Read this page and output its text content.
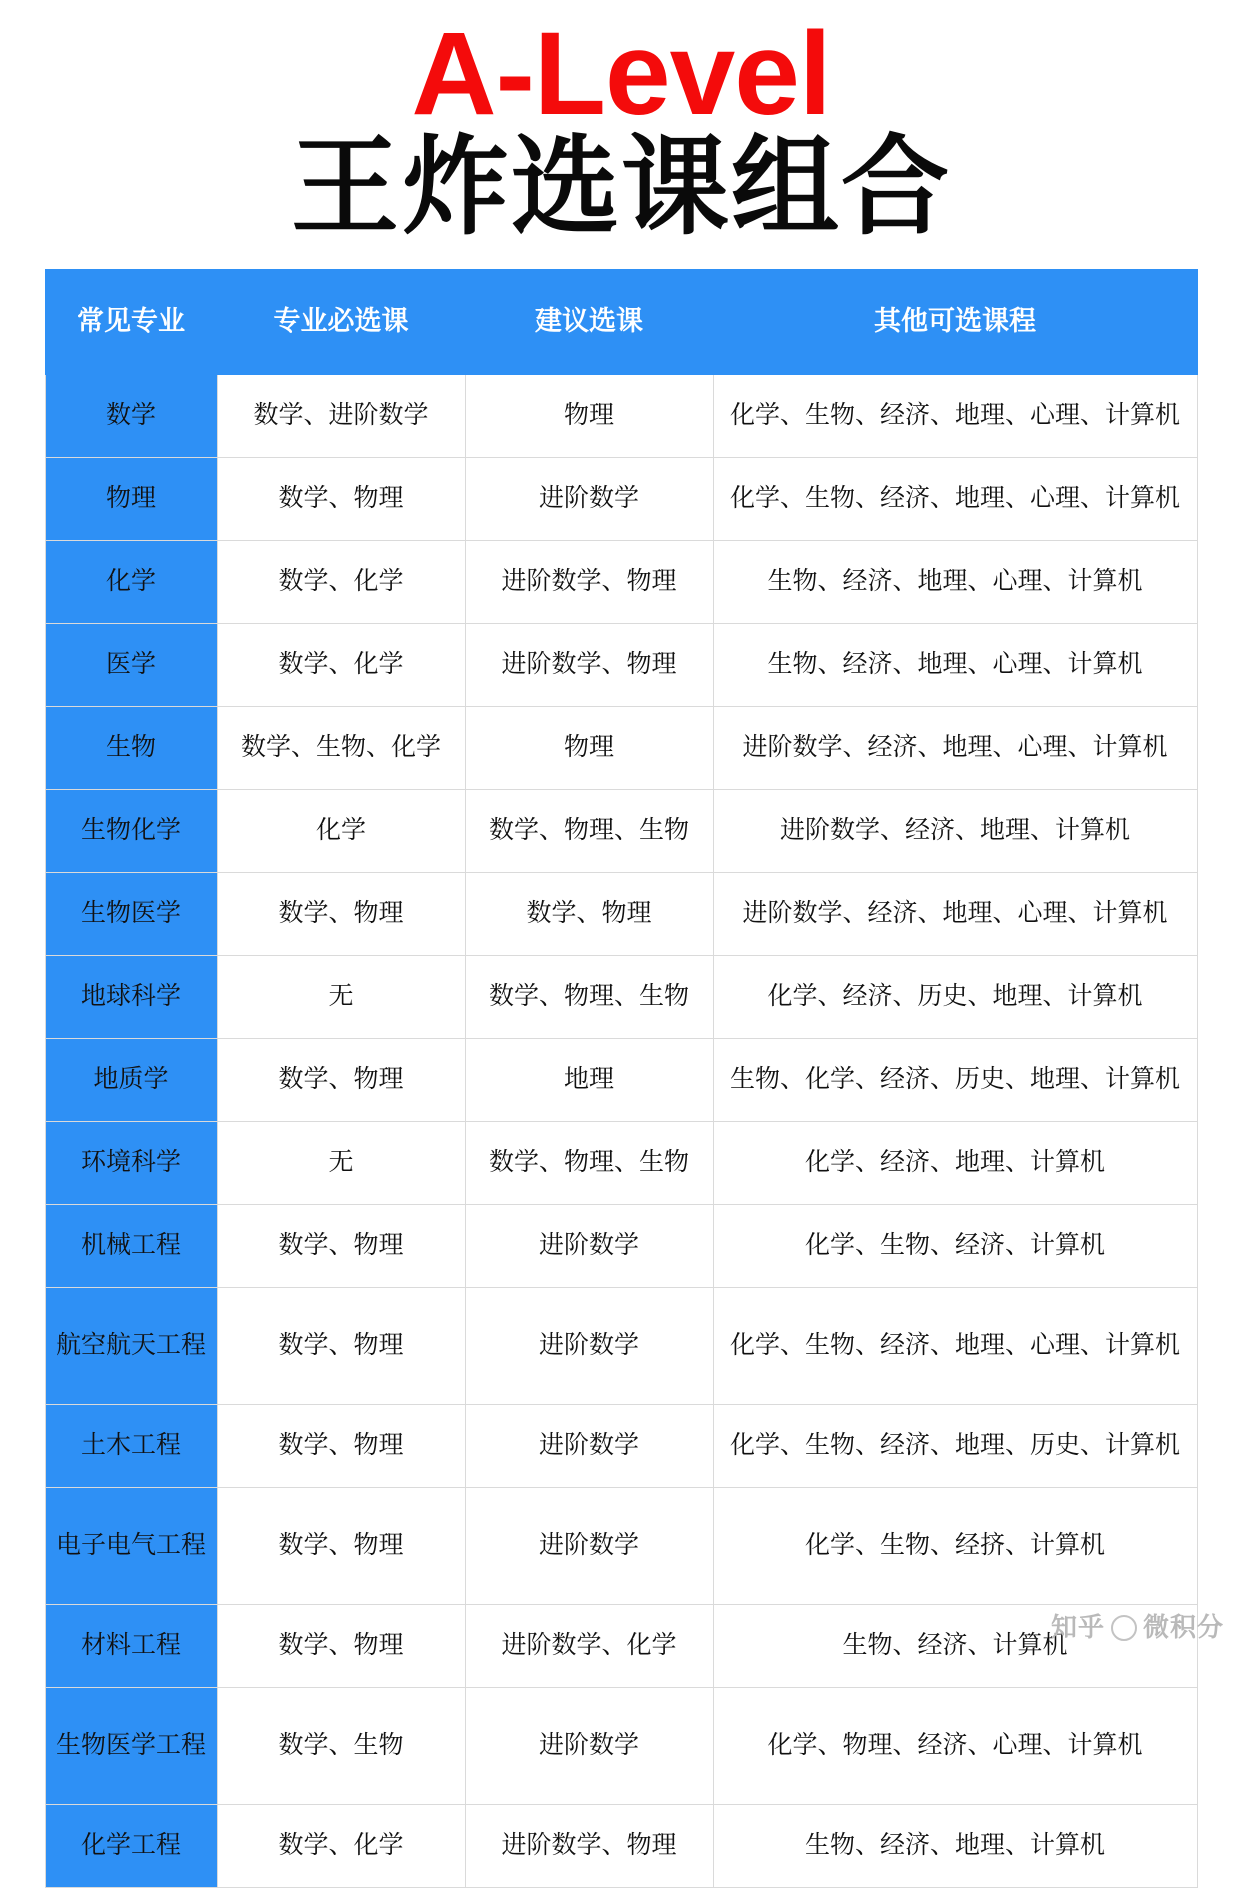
A-Level
王炸选课组合
常见专业	专业必选课	建议选课	其他可选课程
数学	数学、进阶数学	物理	化学、生物、经济、地理、心理、计算机
物理	数学、物理	进阶数学	化学、生物、经济、地理、心理、计算机
化学	数学、化学	进阶数学、物理	生物、经济、地理、心理、计算机
医学	数学、化学	进阶数学、物理	生物、经济、地理、心理、计算机
生物	数学、生物、化学	物理	进阶数学、经济、地理、心理、计算机
生物化学	化学	数学、物理、生物	进阶数学、经济、地理、计算机
生物医学	数学、物理	数学、物理	进阶数学、经济、地理、心理、计算机
地球科学	无	数学、物理、生物	化学、经济、历史、地理、计算机
地质学	数学、物理	地理	生物、化学、经济、历史、地理、计算机
环境科学	无	数学、物理、生物	化学、经济、地理、计算机
机械工程	数学、物理	进阶数学	化学、生物、经济、计算机
航空航天工程	数学、物理	进阶数学	化学、生物、经济、地理、心理、计算机
土木工程	数学、物理	进阶数学	化学、生物、经济、地理、历史、计算机
电子电气工程	数学、物理	进阶数学	化学、生物、经挤、计算机
材料工程	数学、物理	进阶数学、化学	生物、经济、计算机
生物医学工程	数学、生物	进阶数学	化学、物理、经济、心理、计算机
化学工程	数学、化学	进阶数学、物理	生物、经济、地理、计算机
知乎 微积分
